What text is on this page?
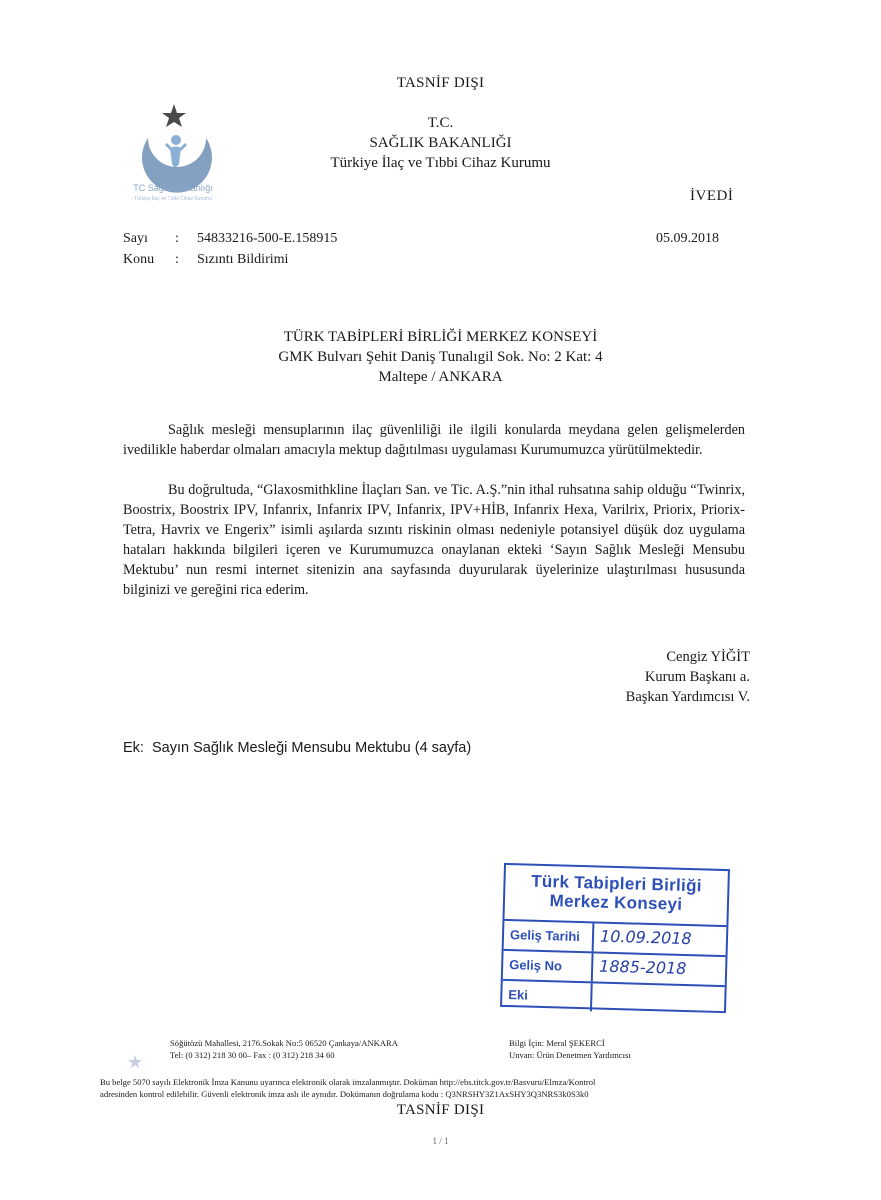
TASNİF DIŞI
TC Sağlık Bakanlığı
Türkiye İlaç ve Tıbbi Cihaz Kurumu
T.C.
SAĞLIK BAKANLIĞI
Türkiye İlaç ve Tıbbi Cihaz Kurumu
İVEDİ
Sayı : 54833216-500-E.158915
Konu : Sızıntı Bildirimi
05.09.2018
TÜRK TABİPLERİ BİRLİĞİ MERKEZ KONSEYİ
GMK Bulvarı Şehit Daniş Tunalıgil Sok. No: 2 Kat: 4
Maltepe / ANKARA

Sağlık mesleği mensuplarının ilaç güvenliliği ile ilgili konularda meydana gelen gelişmelerden ivedilikle haberdar olmaları amacıyla mektup dağıtılması uygulaması Kurumumuzca yürütülmektedir.

Bu doğrultuda, “Glaxosmithkline İlaçları San. ve Tic. A.Ş.”nin ithal ruhsatına sahip olduğu “Twinrix, Boostrix, Boostrix IPV, Infanrix, Infanrix IPV, Infanrix, IPV+HİB, Infanrix Hexa, Varilrix, Priorix, Priorix-Tetra, Havrix ve Engerix” isimli aşılarda sızıntı riskinin olması nedeniyle potansiyel düşük doz uygulama hataları hakkında bilgileri içeren ve Kurumumuzca onaylanan ekteki ‘Sayın Sağlık Mesleği Mensubu Mektubu’ nun resmi internet sitenizin ana sayfasında duyurularak üyelerinize ulaştırılması hususunda bilginizi ve gereğini rica ederim.

Cengiz YİĞİT
Kurum Başkanı a.
Başkan Yardımcısı V.
Ek:  Sayın Sağlık Mesleği Mensubu Mektubu (4 sayfa)
Türk Tabipleri Birliği
Merkez Konseyi
Geliş Tarihi	10.09.2018
Geliş No	1885-2018
Eki
★
Söğütözü Mahallesi, 2176.Sokak No:5 06520 Çankaya/ANKARA
Tel: (0 312) 218 30 00– Fax : (0 312) 218 34 60
Bilgi İçin: Meral ŞEKERCİ
Unvan: Ürün Denetmen Yardımcısı
Bu belge 5070 sayılı Elektronik İmza Kanunu uyarınca elektronik olarak imzalanmıştır. Doküman http://ebs.titck.gov.tr/Basvuru/Elmza/Kontrol
adresinden kontrol edilebilir. Güvenli elektronik imza aslı ile aynıdır. Dokümanın doğrulama kodu : Q3NRSHY3Z1AxSHY3Q3NRS3k0S3k0
TASNİF DIŞI
1 / 1
